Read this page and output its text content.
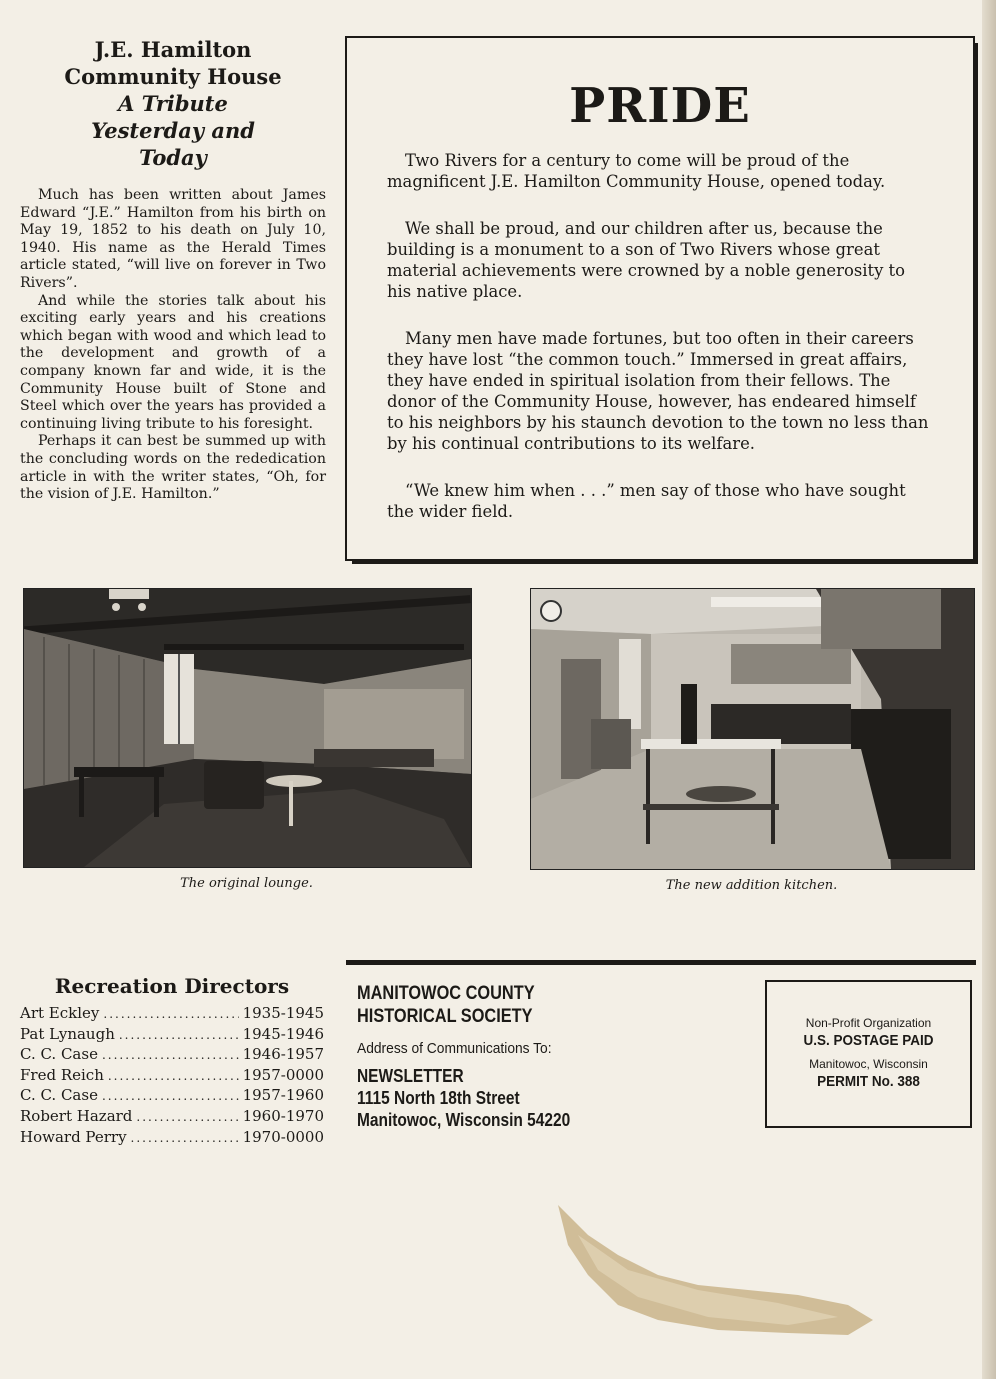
J.E. Hamilton
Community House
A Tribute
Yesterday and
Today

Much has been written about James Edward “J.E.” Hamilton from his birth on May 19, 1852 to his death on July 10, 1940. His name as the Herald Times article stated, “will live on forever in Two Rivers”.

And while the stories talk about his exciting early years and his creations which began with wood and which lead to the development and growth of a company known far and wide, it is the Community House built of Stone and Steel which over the years has provided a continuing living tribute to his foresight.

Perhaps it can best be summed up with the concluding words on the rededication article in with the writer states, “Oh, for the vision of J.E. Hamilton.”

PRIDE

Two Rivers for a century to come will be proud of the magnificent J.E. Hamilton Community House, opened today.

We shall be proud, and our children after us, because the building is a monument to a son of Two Rivers whose great material achievements were crowned by a noble generosity to his native place.

Many men have made fortunes, but too often in their careers they have lost “the common touch.” Immersed in great affairs, they have ended in spiritual isolation from their fellows. The donor of the Community House, however, has endeared himself to his neighbors by his staunch devotion to the town no less than by his continual contributions to its welfare.

“We knew him when . . .” men say of those who have sought the wider field.

The original lounge.	The new addition kitchen.
Recreation Directors
Art Eckley .....	1935-1945
Pat Lynaugh .....	1945-1946
C. C. Case .....	1946-1957
Fred Reich .....	1957-0000
C. C. Case .....	1957-1960
Robert Hazard .....	1960-1970
Howard Perry .....	1970-0000
MANITOWOC COUNTY
HISTORICAL SOCIETY
Address of Communications To:
NEWSLETTER
1115 North 18th Street
Manitowoc, Wisconsin 54220
Non-Profit Organization
U.S. POSTAGE PAID
Manitowoc, Wisconsin
PERMIT No. 388
